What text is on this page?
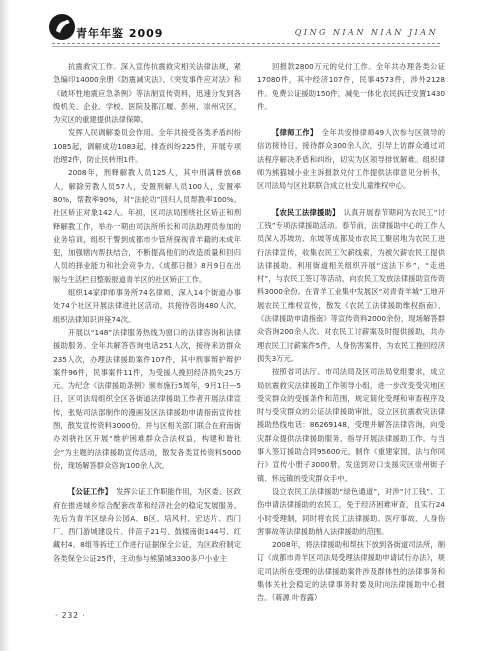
青年年鉴 2009	QING NIAN NIAN JIAN

抗震救灾工作。深入宣传抗震救灾相关法律法规，紧急编印14000余册《防震减灾法》、《突发事件应对法》和《破坏性地震应急条例》等法制宣传资料，迅速分发到各级机关、企业、学校、医院及都江堰、彭州、崇州灾区，为灾区的重建提供法律保障。

发挥人民调解委员会作用。全年共接受各类矛盾纠纷1085起，调解成功1083起，排查纠纷225件，开展专项治理2件，防止民转刑1件。

2008年，刑释解教人员125人，其中刑满释放68人，解除劳教人员57人，安置刑解人员100人，安置率80%，帮教率90%，对“法轮功”回归人员帮教率100%。社区矫正对象142人。年初，区司法局围绕社区矫正和刑释解教工作，举办一期由司法所所长和司法助理员参加的业务培训，组织干警到成都市少管所探视青羊籍的未成年犯，加强辖内帮扶结合，不断提高他们的改造质量和回归人员的择业能力和社会竞争力。《成都日报》8月9日在出版与生活栏目整版报道青羊区的社区矫正工作。

组织14家律师事务所74名律师，深入14个街道办事处74个社区开展法律进社区活动，共接待咨询480人次，组织法律知识讲座74次。

开展以“148”法律服务热线为窗口的法律咨询和法律援助服务。全年共解答咨询电话251人次，接待来访群众235人次，办理法律援助案件107件，其中刑事辩护辩护案件96件，民事案件11件，为受援人挽回经济损失25万元。为纪念《法律援助条例》颁布施行5周年，9月1日—5日，区司法局组织全区各街道法律援助工作者开展法律宣传，张贴司法部制作的漫画及区法律援助申请指南宣传挂图，散发宣传资料3000份。并与区相关部门联合在府南街办刘骁社区开展“维护困难群众合法权益，构建和谐社会”为主题的法律援助宣传活动，散发各类宣传资料5000份，现场解答群众咨询100余人次。

【公证工作】 发挥公证工作职能作用，为区委、区政府在推进城乡综合配套改革和经济社会的稳定发展服务。先后为青羊区绿舟公园A、B区、培风村、宏达片、西门厂、西门游城建设片、伴苗子21号、鼓楼南街144号、红藏村4、8组等拆迁工作进行证据保全公证，为区政府制定各类保全公证25件，主动参与熊猫城3300多户小业主

回报款2800万元的兑付工作。全年共办理各类公证17080件，其中经济107件，民事4573件，涉外2128件。免费公证援助150件，减免一体化农民拆迁安置1430件。

【律师工作】 全年共安排律师49人次参与区领导的信访接待日，接待群众300余人次，引导上访群众通过司法程序解决矛盾和纠纷，切实为区领导排忧解难。组织律师为熊猫城小业主诉报款兑付工作提供法律意见分析书，区司法局与区社联联合成立社安儿童维权中心。

【农民工法律援助】 认真开展春节期间为农民工“讨工钱”专项法律援助活动。春节前，法律援助中心的工作人员深入苏坡坊、东坡等成都及市农民工聚居地为农民工进行法律宣传，收集农民工欠薪线索，为被欠薪农民工提供法律援助。利用街道相关组织开展“送法下乡”，“走进村”，与农民工签订等活动，向农民工发放法律援助宣传资料3000余份。在青羊工业集中发展区“对青青羊城”工地开展农民工维权宣传，散发《农民工法律援助维权指南》、《法律援助申请指南》等宣传资料2000余份，现场解答群众咨询200余人次。对农民工讨薪案及时提供援助，共办理农民工讨薪案件5件，人身伤害案件，为农民工挽回经济损失3万元。

按照省司法厅、市司法局及区司法局党组要求，成立局抗震救灾法律援助工作领导小组，进一步改变受灾地区受灾群众的受援条件和范围，规定简化受理和审查程序及时与受灾群众的公证法律援助审批，设立区抗震救灾法律援助热线电话：86269148，受理并解答法律咨询，向受灾群众提供法律援助服务，指导开展法律援助工作。与当事人签订援助合同95600元，制作《重建家园，法与你同行》宣传小册子3000册，发送到对口支援灾区崇州街子镇、怀远镇的受灾群众手中。

设立农民工法律援助“绿色通道”，对涉“讨工钱”、工伤申请法律援助的农民工，免于经济困难审查，且实行24小时受理制，同时将农民工法律援助、医疗事故、人身伤害事故等法律援助纳入法律援助的范围。

2008年，将法律援助和帮扶下放到各街道司法所，制订《成都市青羊区司法局受理法律援助申请试行办法》，规定司法所在受理的法律援助案件涉及群体性的法律事务和集体关社会稳定的法律事务时要及时向法律援助中心报告。（蒋源 叶春露）

· 232 ·
